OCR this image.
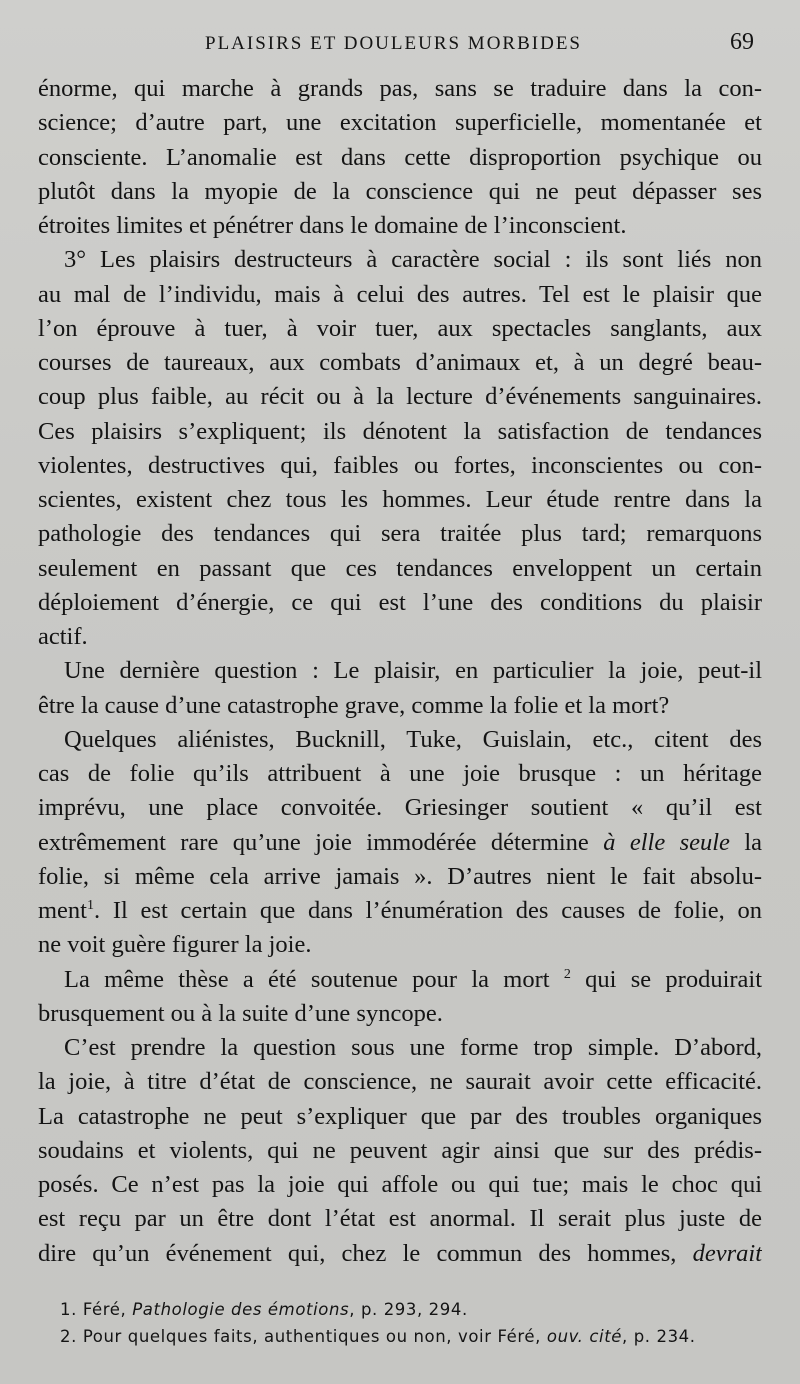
PLAISIRS ET DOULEURS MORBIDES	69
énorme, qui marche à grands pas, sans se traduire dans la con-
science; d’autre part, une excitation superficielle, momentanée et
consciente. L’anomalie est dans cette disproportion psychique ou
plutôt dans la myopie de la conscience qui ne peut dépasser ses
étroites limites et pénétrer dans le domaine de l’inconscient.
3° Les plaisirs destructeurs à caractère social : ils sont liés non
au mal de l’individu, mais à celui des autres. Tel est le plaisir que
l’on éprouve à tuer, à voir tuer, aux spectacles sanglants, aux
courses de taureaux, aux combats d’animaux et, à un degré beau-
coup plus faible, au récit ou à la lecture d’événements sanguinaires.
Ces plaisirs s’expliquent; ils dénotent la satisfaction de tendances
violentes, destructives qui, faibles ou fortes, inconscientes ou con-
scientes, existent chez tous les hommes. Leur étude rentre dans la
pathologie des tendances qui sera traitée plus tard; remarquons
seulement en passant que ces tendances enveloppent un certain
déploiement d’énergie, ce qui est l’une des conditions du plaisir
actif.
Une dernière question : Le plaisir, en particulier la joie, peut-il
être la cause d’une catastrophe grave, comme la folie et la mort?
Quelques aliénistes, Bucknill, Tuke, Guislain, etc., citent des
cas de folie qu’ils attribuent à une joie brusque : un héritage
imprévu, une place convoitée. Griesinger soutient « qu’il est
extrêmement rare qu’une joie immodérée détermine à elle seule la
folie, si même cela arrive jamais ». D’autres nient le fait absolu-
ment$^1$. Il est certain que dans l’énumération des causes de folie, on
ne voit guère figurer la joie.
La même thèse a été soutenue pour la mort $^2$ qui se produirait
brusquement ou à la suite d’une syncope.
C’est prendre la question sous une forme trop simple. D’abord,
la joie, à titre d’état de conscience, ne saurait avoir cette efficacité.
La catastrophe ne peut s’expliquer que par des troubles organiques
soudains et violents, qui ne peuvent agir ainsi que sur des prédis-
posés. Ce n’est pas la joie qui affole ou qui tue; mais le choc qui
est reçu par un être dont l’état est anormal. Il serait plus juste de
dire qu’un événement qui, chez le commun des hommes, devrait
1. Féré, Pathologie des émotions, p. 293, 294.
2. Pour quelques faits, authentiques ou non, voir Féré, ouv. cité, p. 234.
